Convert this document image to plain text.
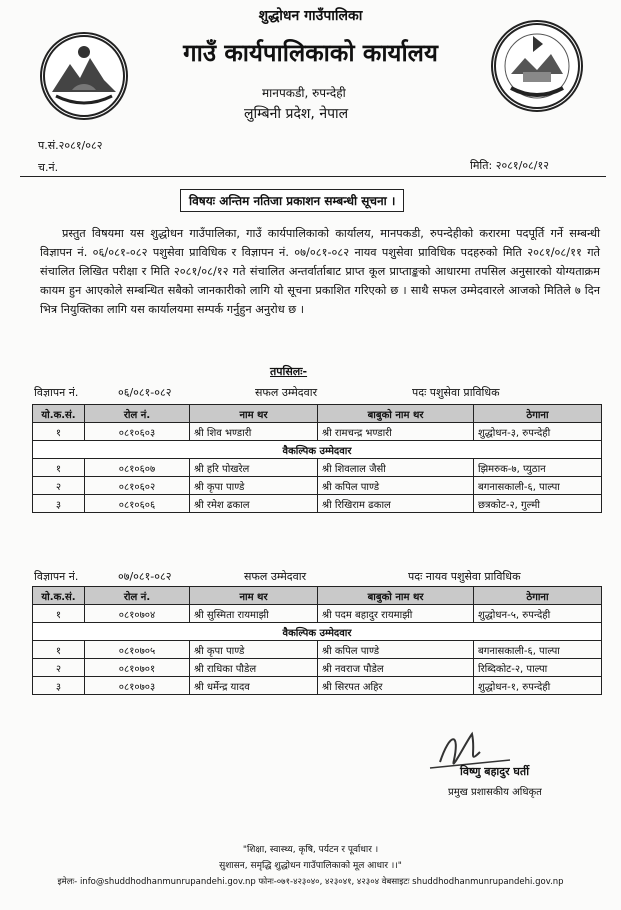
शुद्धोधन गाउँपालिका
गाउँ कार्यपालिकाको कार्यालय
मानपकडी, रुपन्देही
लुम्बिनी प्रदेश, नेपाल
प.सं.२०८१/०८२
च.नं.	मिति: २०८१/०८/१२
विषयः अन्तिम नतिजा प्रकाशन सम्बन्धी सूचना ।
प्रस्तुत विषयमा यस शुद्धोधन गाउँपालिका, गाउँ कार्यपालिकाको कार्यालय, मानपकडी, रुपन्देहीको करारमा पदपूर्ति गर्ने सम्बन्धी विज्ञापन नं. ०६/०८१-०८२ पशुसेवा प्राविधिक र विज्ञापन नं. ०७/०८१-०८२ नायव पशुसेवा प्राविधिक पदहरुको मिति २०८१/०८/११ गते संचालित लिखित परीक्षा र मिति २०८१/०८/१२ गते संचालित अन्तर्वार्ताबाट प्राप्त कूल प्राप्ताङ्कको आधारमा तपसिल अनुसारको योग्यताक्रम कायम हुन आएकोले सम्बन्धित सबैको जानकारीको लागि यो सूचना प्रकाशित गरिएको छ । साथै सफल उम्मेदवारले आजको मितिले ७ दिन भित्र नियुक्तिका लागि यस कार्यालयमा सम्पर्क गर्नुहुन अनुरोध छ ।
तपसिलः-
विज्ञापन नं.	०६/०८१-०८२	सफल उम्मेदवार	पदः पशुसेवा प्राविधिक
यो.क.सं.	रोल नं.	नाम थर	बाबुको नाम थर	ठेगाना
१	०८१०६०३	श्री शिव भण्डारी	श्री रामचन्द्र भण्डारी	शुद्धोधन-३, रुपन्देही
वैकल्पिक उम्मेदवार				
१	०८१०६०७	श्री हरि पोखरेल	श्री शिवलाल जैसी	झिमरुक-७, प्युठान
२	०८१०६०२	श्री कृपा पाण्डे	श्री कपिल पाण्डे	बगनासकाली-६, पाल्पा
३	०८१०६०६	श्री रमेश ढकाल	श्री रिखिराम ढकाल	छत्रकोट-२, गुल्मी
विज्ञापन नं.	०७/०८१-०८२	सफल उम्मेदवार	पदः नायव पशुसेवा प्राविधिक
यो.क.सं.	रोल नं.	नाम थर	बाबुको नाम थर	ठेगाना
१	०८१०७०४	श्री सुस्मिता रायमाझी	श्री पदम बहादुर रायमाझी	शुद्धोधन-५, रुपन्देही
वैकल्पिक उम्मेदवार				
१	०८१०७०५	श्री कृपा पाण्डे	श्री कपिल पाण्डे	बगनासकाली-६, पाल्पा
२	०८१०७०१	श्री राधिका पौडेल	श्री नवराज पौडेल	रिब्दिकोट-२, पाल्पा
३	०८१०७०३	श्री धर्मेन्द्र यादव	श्री सिरपत अहिर	शुद्धोधन-१, रुपन्देही
विष्णु बहादुर घर्ती
प्रमुख प्रशासकीय अधिकृत
"शिक्षा, स्वास्थ्य, कृषि, पर्यटन र पूर्वाधार ।
सुशासन, समृद्धि शुद्धोधन गाउँपालिकाको मूल आधार ।।"
इमेलः- info@shuddhodhanmunrupandehi.gov.np फोनः-०७१-४२३०४०, ४२३०४१, ४२३०४ वेबसाइटः shuddhodhanmunrupandehi.gov.np
